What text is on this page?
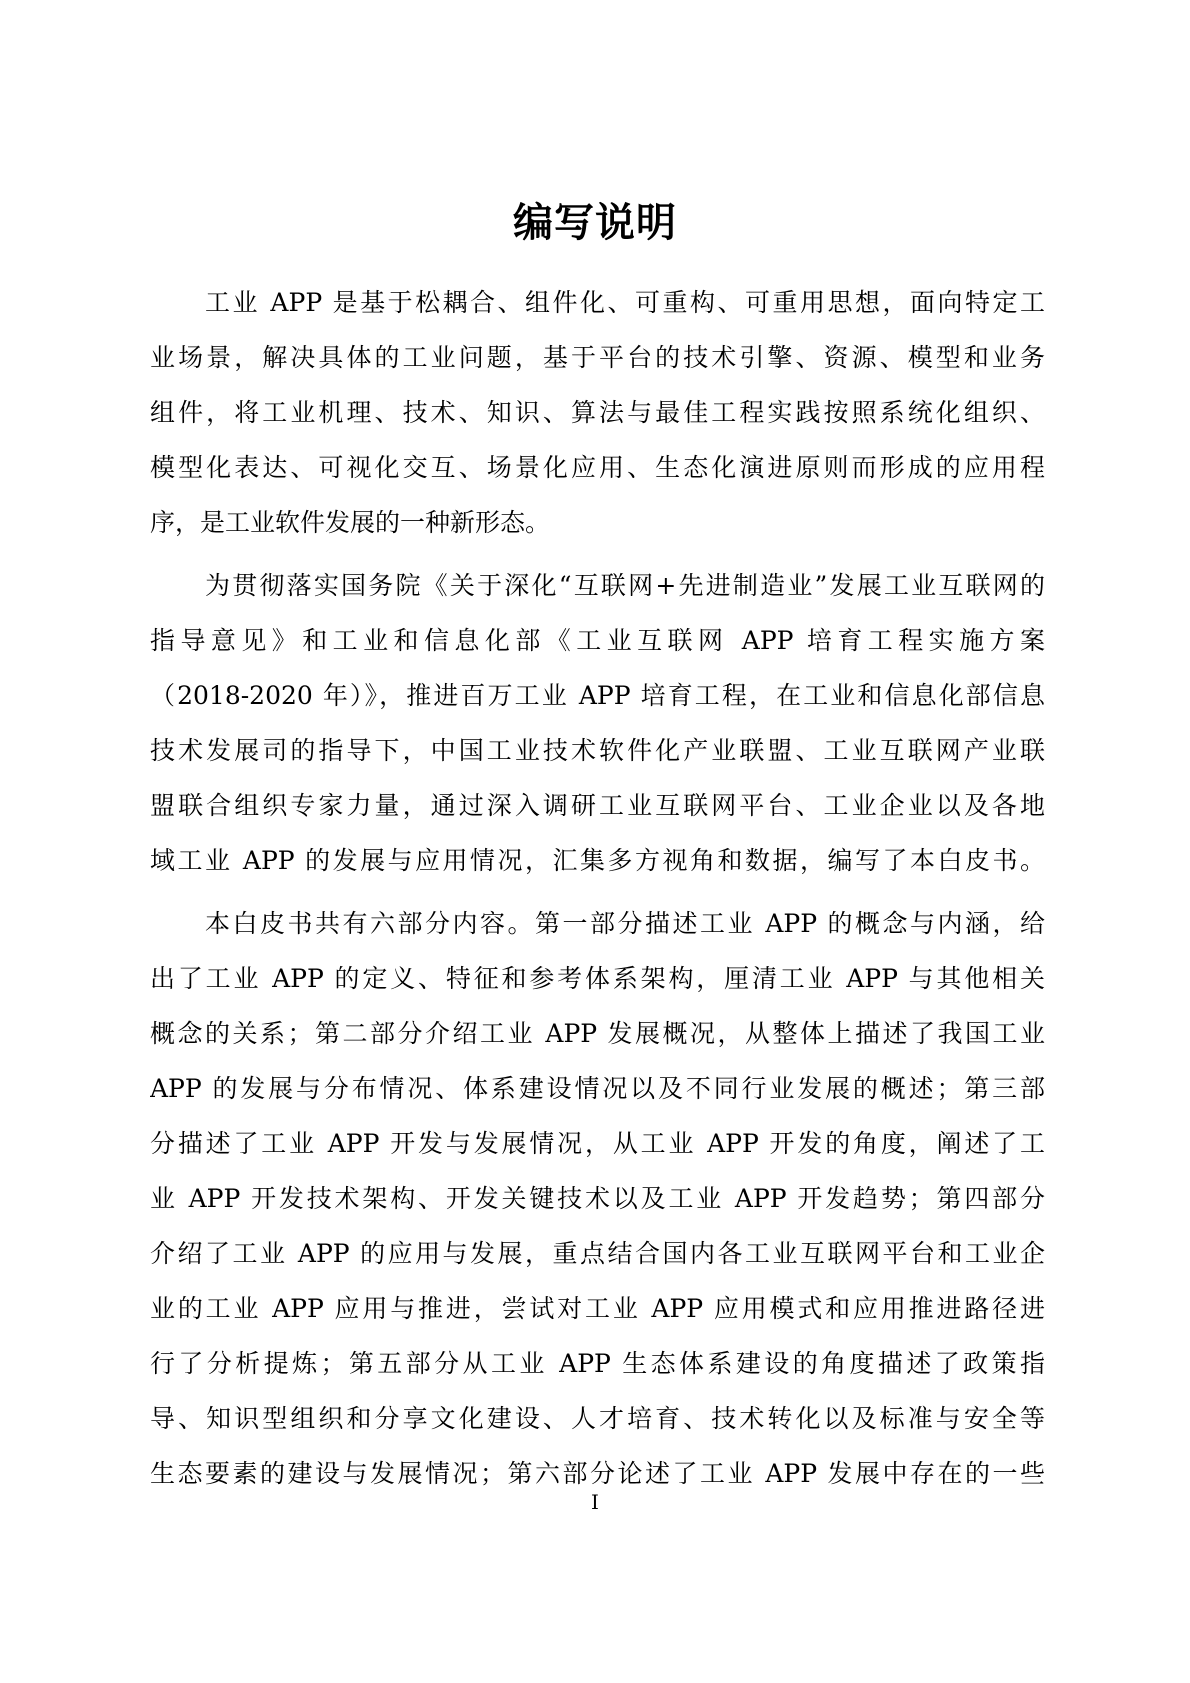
编写说明

工业 APP 是基于松耦合、组件化、可重构、可重用思想，面向特定工
业场景，解决具体的工业问题，基于平台的技术引擎、资源、模型和业务
组件，将工业机理、技术、知识、算法与最佳工程实践按照系统化组织、
模型化表达、可视化交互、场景化应用、生态化演进原则而形成的应用程
序，是工业软件发展的一种新形态。

为贯彻落实国务院《关于深化“互联网+先进制造业”发展工业互联网的
指导意见》和工业和信息化部《工业互联网 APP 培育工程实施方案
（2018-2020 年）》，推进百万工业 APP 培育工程，在工业和信息化部信息
技术发展司的指导下，中国工业技术软件化产业联盟、工业互联网产业联
盟联合组织专家力量，通过深入调研工业互联网平台、工业企业以及各地
域工业 APP 的发展与应用情况，汇集多方视角和数据，编写了本白皮书。

本白皮书共有六部分内容。第一部分描述工业 APP 的概念与内涵，给
出了工业 APP 的定义、特征和参考体系架构，厘清工业 APP 与其他相关
概念的关系；第二部分介绍工业 APP 发展概况，从整体上描述了我国工业
APP 的发展与分布情况、体系建设情况以及不同行业发展的概述；第三部
分描述了工业 APP 开发与发展情况，从工业 APP 开发的角度，阐述了工
业 APP 开发技术架构、开发关键技术以及工业 APP 开发趋势；第四部分
介绍了工业 APP 的应用与发展，重点结合国内各工业互联网平台和工业企
业的工业 APP 应用与推进，尝试对工业 APP 应用模式和应用推进路径进
行了分析提炼；第五部分从工业 APP 生态体系建设的角度描述了政策指
导、知识型组织和分享文化建设、人才培育、技术转化以及标准与安全等
生态要素的建设与发展情况；第六部分论述了工业 APP 发展中存在的一些

I
